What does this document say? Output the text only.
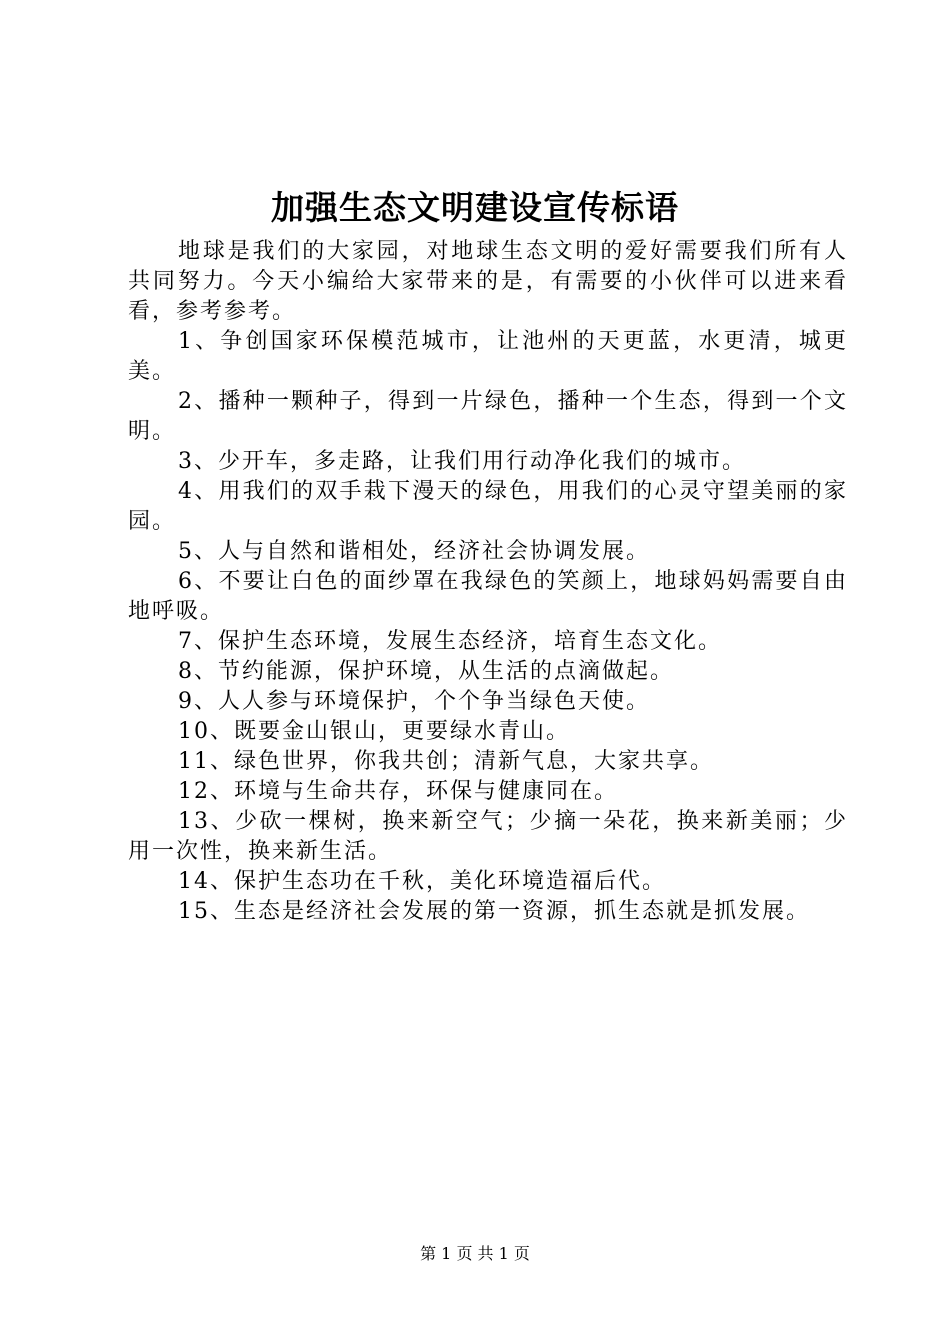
加强生态文明建设宣传标语

地球是我们的大家园，对地球生态文明的爱好需要我们所有人共同努力。今天小编给大家带来的是，有需要的小伙伴可以进来看看，参考参考。

1、争创国家环保模范城市，让池州的天更蓝，水更清，城更美。

2、播种一颗种子，得到一片绿色，播种一个生态，得到一个文明。

3、少开车，多走路，让我们用行动净化我们的城市。

4、用我们的双手栽下漫天的绿色，用我们的心灵守望美丽的家园。

5、人与自然和谐相处，经济社会协调发展。

6、不要让白色的面纱罩在我绿色的笑颜上，地球妈妈需要自由地呼吸。

7、保护生态环境，发展生态经济，培育生态文化。

8、节约能源，保护环境，从生活的点滴做起。

9、人人参与环境保护，个个争当绿色天使。

10、既要金山银山，更要绿水青山。

11、绿色世界，你我共创；清新气息，大家共享。

12、环境与生命共存，环保与健康同在。

13、少砍一棵树，换来新空气；少摘一朵花，换来新美丽；少用一次性，换来新生活。

14、保护生态功在千秋，美化环境造福后代。

15、生态是经济社会发展的第一资源，抓生态就是抓发展。

第 1 页 共 1 页
